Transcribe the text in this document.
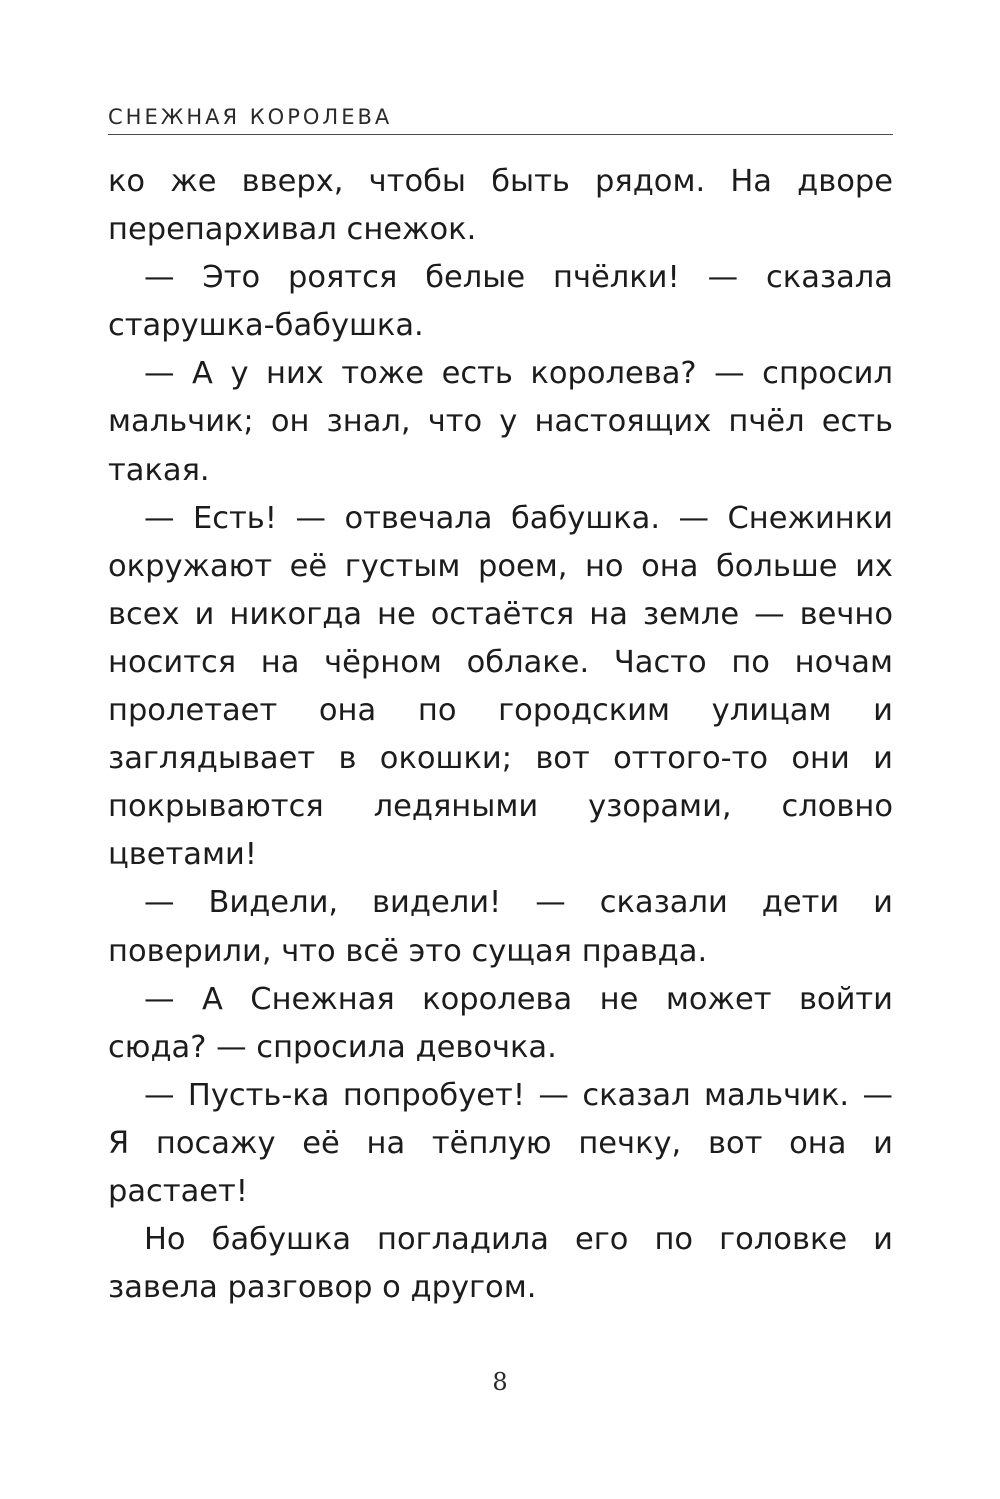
СНЕЖНАЯ КОРОЛЕВА

ко же вверх, чтобы быть рядом. На дворе перепархивал снежок.

— Это роятся белые пчёлки! — сказала старушка-бабушка.

— А у них тоже есть королева? — спросил мальчик; он знал, что у настоящих пчёл есть такая.

— Есть! — отвечала бабушка. — Снежинки окружают её густым роем, но она больше их всех и никогда не остаётся на земле — вечно носится на чёрном облаке. Часто по ночам пролетает она по городским улицам и заглядывает в окошки; вот оттого-то они и покрываются ледяными узорами, словно цветами!

— Видели, видели! — сказали дети и поверили, что всё это сущая правда.

— А Снежная королева не может войти сюда? — спросила девочка.

— Пусть-ка попробует! — сказал мальчик. — Я посажу её на тёплую печку, вот она и растает!

Но бабушка погладила его по головке и завела разговор о другом.

8
